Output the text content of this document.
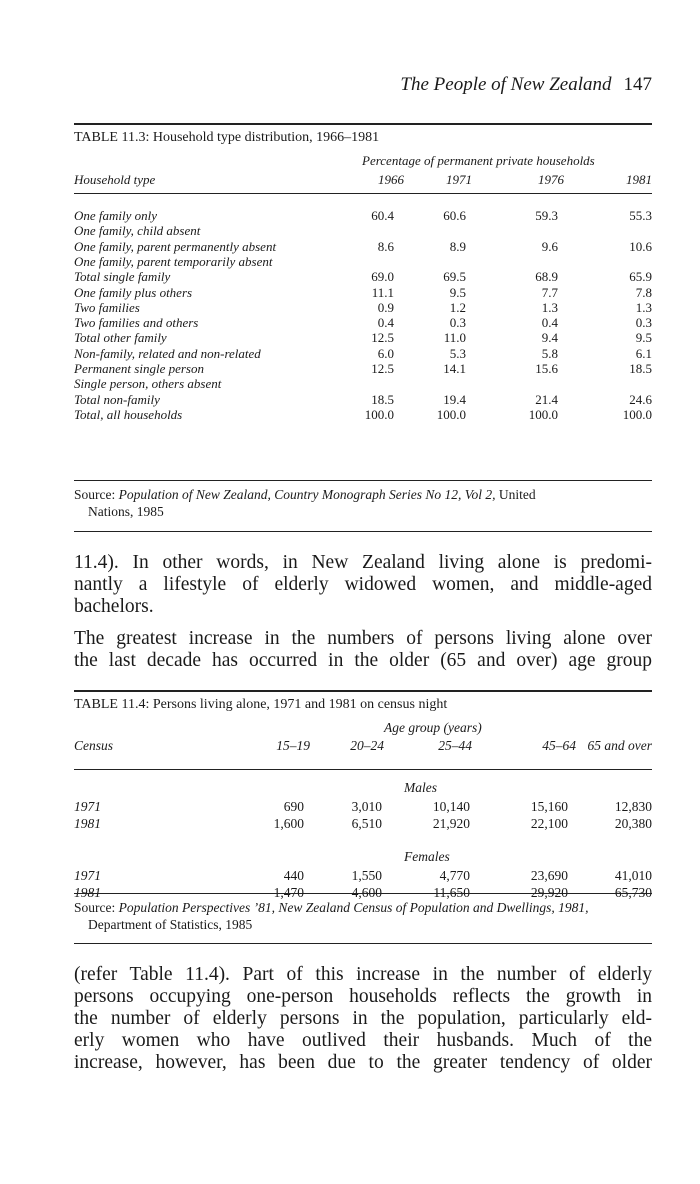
The People of New Zealand 147
TABLE 11.3: Household type distribution, 1966–1981
Percentage of permanent private households
Household type	1966	1971	1976	1981
One family only	60.4	60.6	59.3	55.3
One family, child absent
One family, parent permanently absent	8.6	8.9	9.6	10.6
One family, parent temporarily absent
Total single family	69.0	69.5	68.9	65.9
One family plus others	11.1	9.5	7.7	7.8
Two families	0.9	1.2	1.3	1.3
Two families and others	0.4	0.3	0.4	0.3
Total other family	12.5	11.0	9.4	9.5
Non-family, related and non-related	6.0	5.3	5.8	6.1
Permanent single person	12.5	14.1	15.6	18.5
Single person, others absent
Total non-family	18.5	19.4	21.4	24.6
Total, all households	100.0	100.0	100.0	100.0
Source: Population of New Zealand, Country Monograph Series No 12, Vol 2, United
Nations, 1985
11.4). In other words, in New Zealand living alone is predomi-
nantly a lifestyle of elderly widowed women, and middle-aged
bachelors.
The greatest increase in the numbers of persons living alone over
the last decade has occurred in the older (65 and over) age group
TABLE 11.4: Persons living alone, 1971 and 1981 on census night
Age group (years)
Census	15–19	20–24	25–44	45–64 65 and over
Males
1971	690	3,010	10,140	15,160	12,830
1981	1,600	6,510	21,920	22,100	20,380
Females
1971	440	1,550	4,770	23,690	41,010
1981	1,470	4,600	11,650	29,920	65,730
Source: Population Perspectives ’81, New Zealand Census of Population and Dwellings, 1981,
Department of Statistics, 1985
(refer Table 11.4). Part of this increase in the number of elderly
persons occupying one-person households reflects the growth in
the number of elderly persons in the population, particularly eld-
erly women who have outlived their husbands. Much of the
increase, however, has been due to the greater tendency of older
